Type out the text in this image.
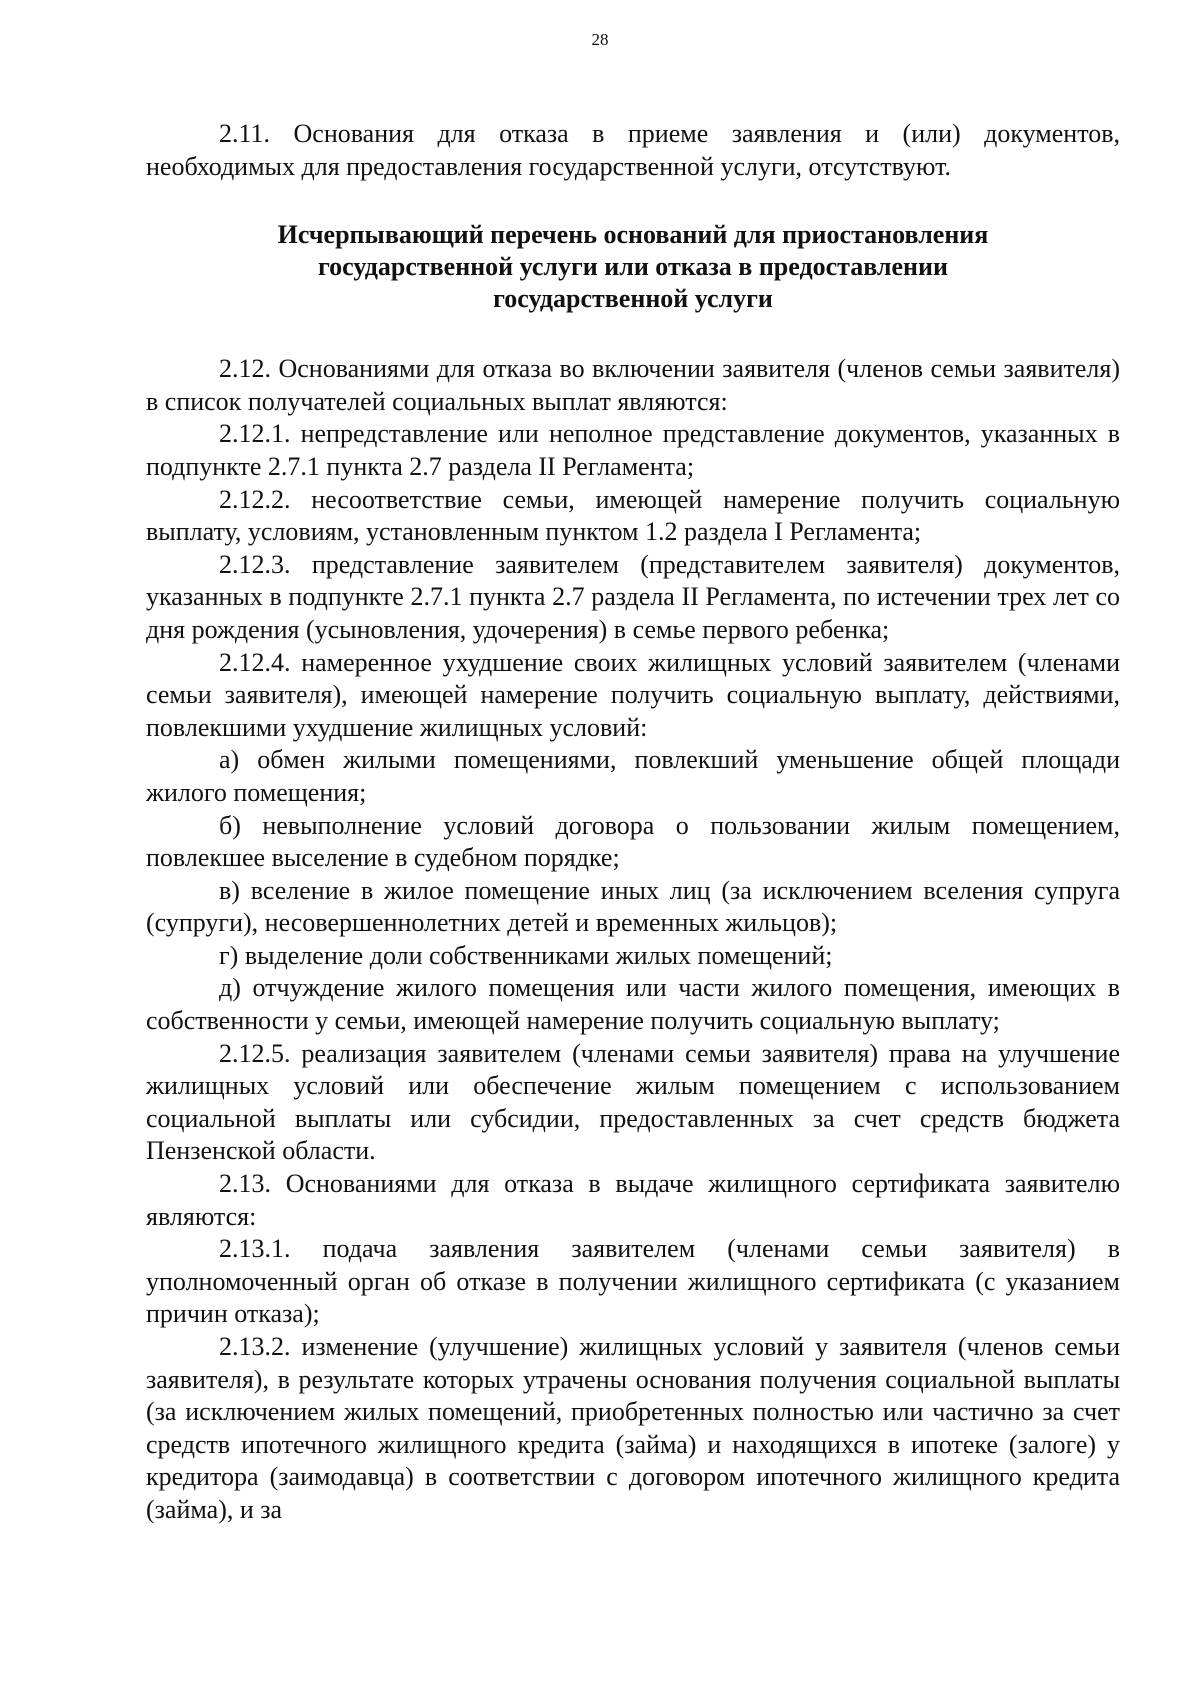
28

2.11. Основания для отказа в приеме заявления и (или) документов, необходимых для предоставления государственной услуги, отсутствуют.

Исчерпывающий перечень оснований для приостановления
государственной услуги или отказа в предоставлении
государственной услуги

2.12. Основаниями для отказа во включении заявителя (членов семьи заявителя) в список получателей социальных выплат являются:

2.12.1. непредставление или неполное представление документов, указанных в подпункте 2.7.1 пункта 2.7 раздела II Регламента;

2.12.2. несоответствие семьи, имеющей намерение получить социальную выплату, условиям, установленным пунктом 1.2 раздела I Регламента;

2.12.3. представление заявителем (представителем заявителя) документов, указанных в подпункте 2.7.1 пункта 2.7 раздела II Регламента, по истечении трех лет со дня рождения (усыновления, удочерения) в семье первого ребенка;

2.12.4. намеренное ухудшение своих жилищных условий заявителем (членами семьи заявителя), имеющей намерение получить социальную выплату, действиями, повлекшими ухудшение жилищных условий:

а) обмен жилыми помещениями, повлекший уменьшение общей площади жилого помещения;

б) невыполнение условий договора о пользовании жилым помещением, повлекшее выселение в судебном порядке;

в) вселение в жилое помещение иных лиц (за исключением вселения супруга (супруги), несовершеннолетних детей и временных жильцов);

г) выделение доли собственниками жилых помещений;

д) отчуждение жилого помещения или части жилого помещения, имеющих в собственности у семьи, имеющей намерение получить социальную выплату;

2.12.5. реализация заявителем (членами семьи заявителя) права на улучшение жилищных условий или обеспечение жилым помещением с использованием социальной выплаты или субсидии, предоставленных за счет средств бюджета Пензенской области.

2.13. Основаниями для отказа в выдаче жилищного сертификата заявителю являются:

2.13.1. подача заявления заявителем (членами семьи заявителя) в уполномоченный орган об отказе в получении жилищного сертификата (с указанием причин отказа);

2.13.2. изменение (улучшение) жилищных условий у заявителя (членов семьи заявителя), в результате которых утрачены основания получения социальной выплаты (за исключением жилых помещений, приобретенных полностью или частично за счет средств ипотечного жилищного кредита (займа) и находящихся в ипотеке (залоге) у кредитора (заимодавца) в соответствии с договором ипотечного жилищного кредита (займа), и за
